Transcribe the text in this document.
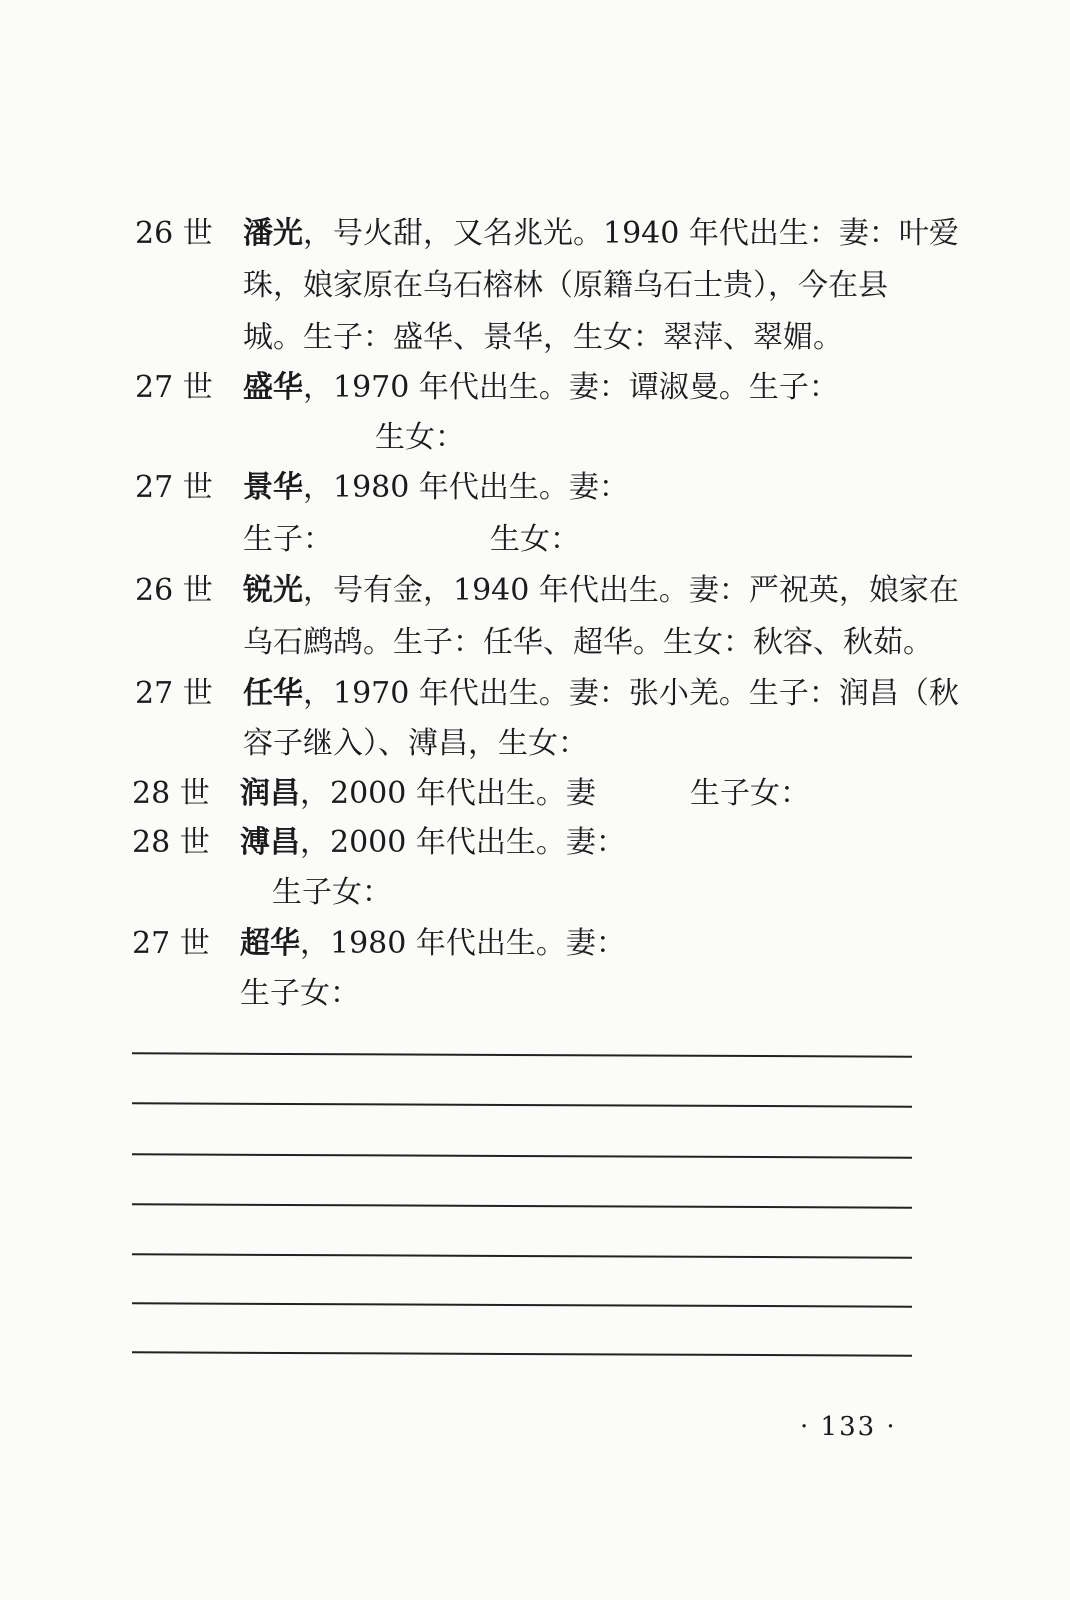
26 世 潘光，号火甜，又名兆光。1940 年代出生：妻：叶爱
珠，娘家原在乌石榕林（原籍乌石士贵），今在县
城。生子：盛华、景华，生女：翠萍、翠媚。
27 世 盛华，1970 年代出生。妻：谭淑曼。生子：
生女：
27 世 景华，1980 年代出生。妻：
生子：	生女：
26 世 锐光，号有金，1940 年代出生。妻：严祝英，娘家在
乌石鹧鸪。生子：任华、超华。生女：秋容、秋茹。
27 世 任华，1970 年代出生。妻：张小羌。生子：润昌（秋
容子继入）、溥昌，生女：
28 世 润昌，2000 年代出生。妻	生子女：
28 世 溥昌，2000 年代出生。妻：
生子女：
27 世 超华，1980 年代出生。妻：
生子女：
· 133 ·
